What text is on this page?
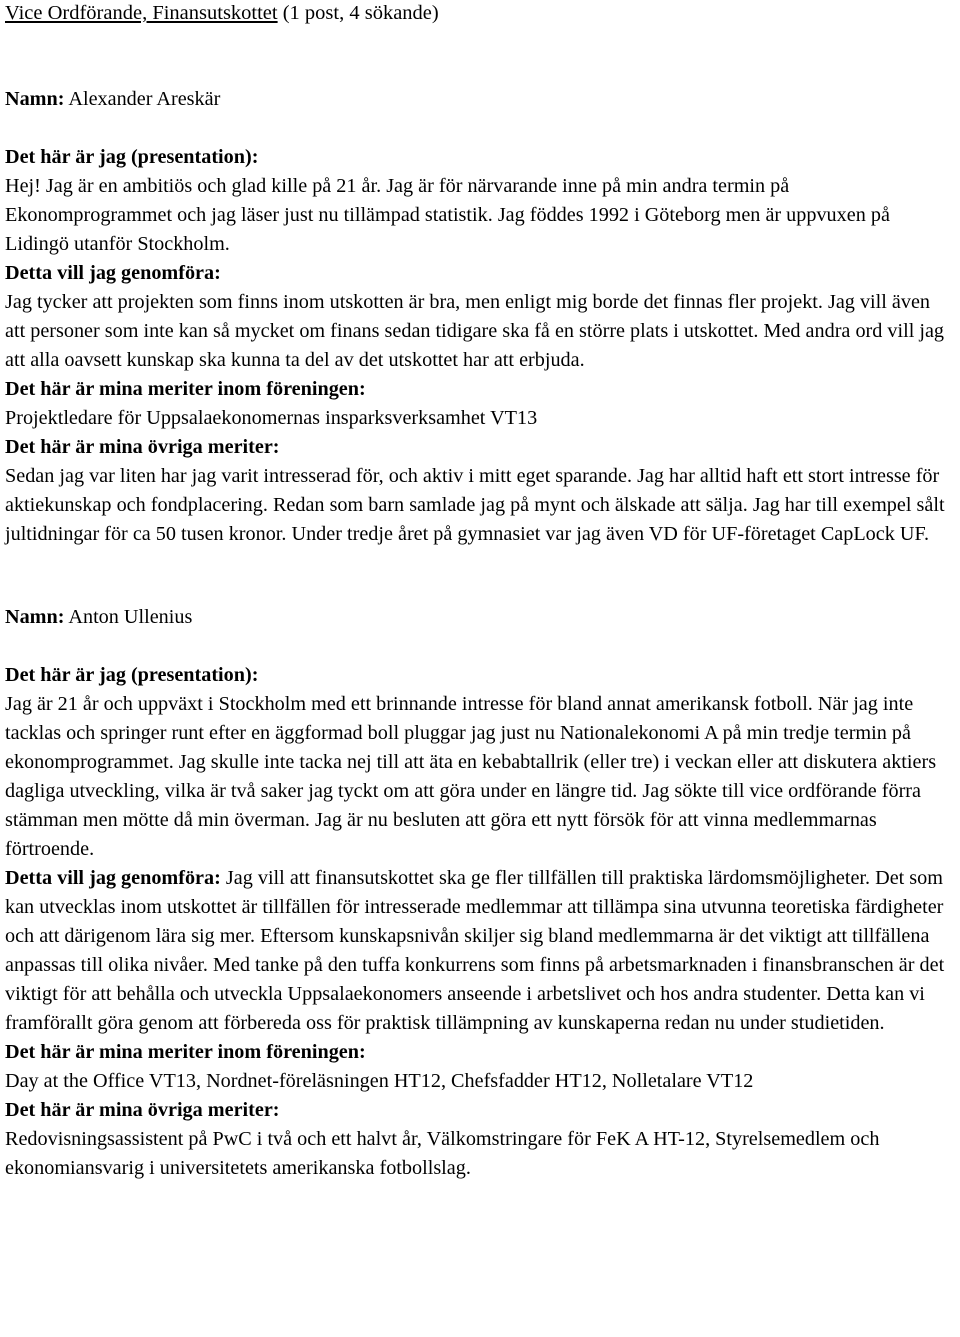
Vice Ordförande, Finansutskottet (1 post, 4 sökande)

Namn: Alexander Areskär

Det här är jag (presentation):

Hej! Jag är en ambitiös och glad kille på 21 år. Jag är för närvarande inne på min andra termin på Ekonomprogrammet och jag läser just nu tillämpad statistik. Jag föddes 1992 i Göteborg men är uppvuxen på Lidingö utanför Stockholm.

Detta vill jag genomföra:

Jag tycker att projekten som finns inom utskotten är bra, men enligt mig borde det finnas fler projekt. Jag vill även att personer som inte kan så mycket om finans sedan tidigare ska få en större plats i utskottet. Med andra ord vill jag att alla oavsett kunskap ska kunna ta del av det utskottet har att erbjuda.

Det här är mina meriter inom föreningen:

Projektledare för Uppsalaekonomernas insparksverksamhet VT13

Det här är mina övriga meriter:

Sedan jag var liten har jag varit intresserad för, och aktiv i mitt eget sparande. Jag har alltid haft ett stort intresse för aktiekunskap och fondplacering. Redan som barn samlade jag på mynt och älskade att sälja. Jag har till exempel sålt jultidningar för ca 50 tusen kronor. Under tredje året på gymnasiet var jag även VD för UF-företaget CapLock UF.

Namn: Anton Ullenius

Det här är jag (presentation):

Jag är 21 år och uppväxt i Stockholm med ett brinnande intresse för bland annat amerikansk fotboll. När jag inte tacklas och springer runt efter en äggformad boll pluggar jag just nu Nationalekonomi A på min tredje termin på ekonomprogrammet. Jag skulle inte tacka nej till att äta en kebabtallrik (eller tre) i veckan eller att diskutera aktiers dagliga utveckling, vilka är två saker jag tyckt om att göra under en längre tid. Jag sökte till vice ordförande förra stämman men mötte då min överman. Jag är nu besluten att göra ett nytt försök för att vinna medlemmarnas förtroende.

Detta vill jag genomföra: Jag vill att finansutskottet ska ge fler tillfällen till praktiska lärdomsmöjligheter. Det som kan utvecklas inom utskottet är tillfällen för intresserade medlemmar att tillämpa sina utvunna teoretiska färdigheter och att därigenom lära sig mer. Eftersom kunskapsnivån skiljer sig bland medlemmarna är det viktigt att tillfällena anpassas till olika nivåer. Med tanke på den tuffa konkurrens som finns på arbetsmarknaden i finansbranschen är det viktigt för att behålla och utveckla Uppsalaekonomers anseende i arbetslivet och hos andra studenter. Detta kan vi framförallt göra genom att förbereda oss för praktisk tillämpning av kunskaperna redan nu under studietiden.

Det här är mina meriter inom föreningen:

Day at the Office VT13, Nordnet-föreläsningen HT12, Chefsfadder HT12, Nolletalare VT12

Det här är mina övriga meriter:

Redovisningsassistent på PwC i två och ett halvt år, Välkomstringare för FeK A HT-12, Styrelsemedlem och ekonomiansvarig i universitetets amerikanska fotbollslag.
